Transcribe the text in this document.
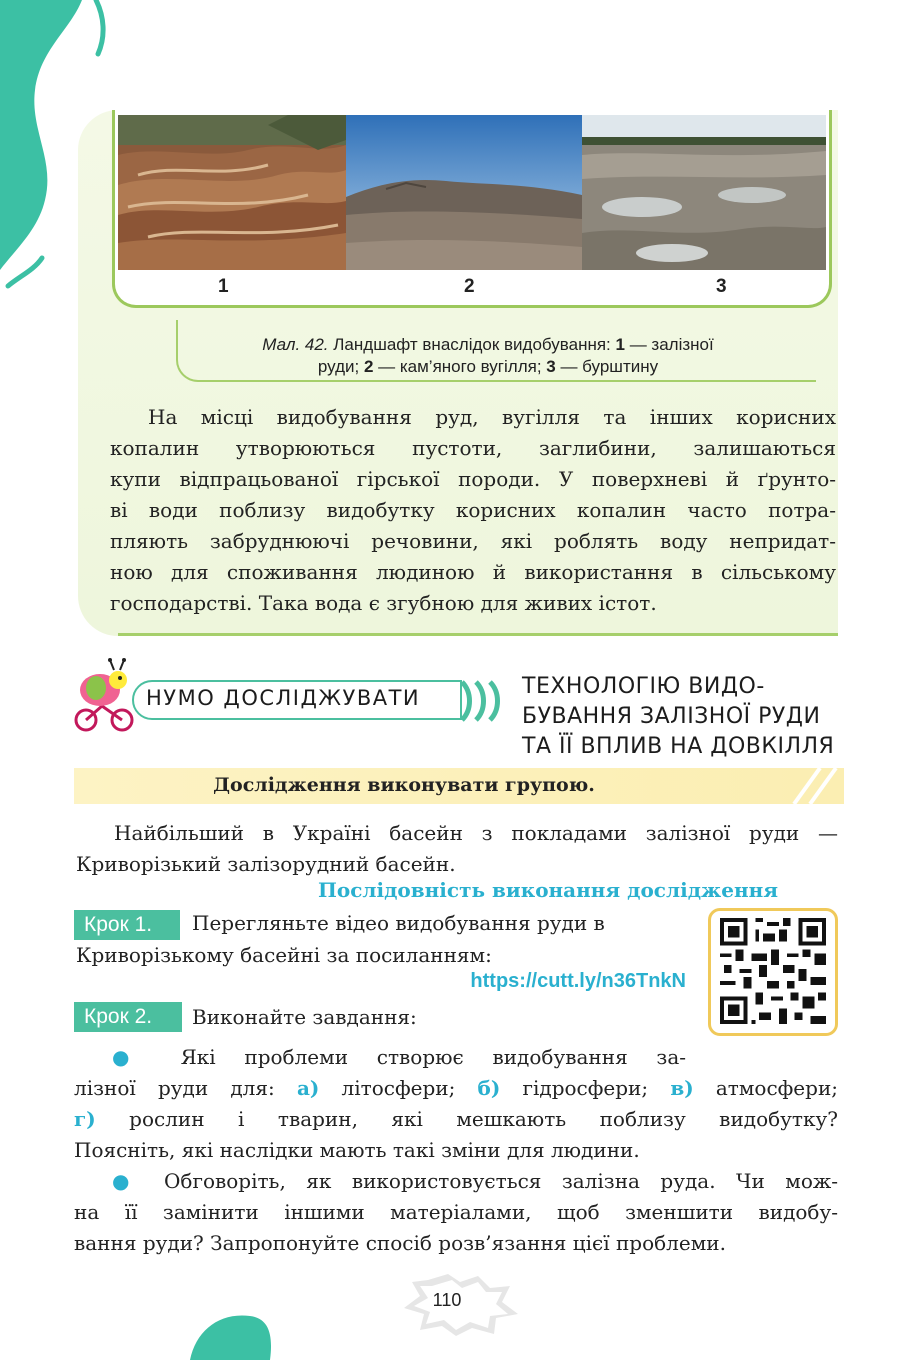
1	2	3
Мал. 42. Ландшафт внаслідок видобування: 1 — залізної
руди; 2 — кам’яного вугілля; 3 — бурштину
На місці видобування руд, вугілля та інших корисних
копалин утворюються пустоти, заглибини, залишаються
купи відпрацьованої гірської породи. У поверхневі й ґрунто-
ві води поблизу видобутку корисних копалин часто потра-
пляють забруднюючі речовини, які роблять воду непридат-
ною для споживання людиною й використання в сільському
господарстві. Така вода є згубною для живих істот.
НУМО ДОСЛІДЖУВАТИ	ТЕХНОЛОГІЮ ВИДО-
БУВАННЯ ЗАЛІЗНОЇ РУДИ
ТА ЇЇ ВПЛИВ НА ДОВКІЛЛЯ
Дослідження виконувати групою.
Найбільший в Україні басейн з покладами залізної руди —
Криворізький залізорудний басейн.
Послідовність виконання дослідження
Крок 1.	Перегляньте відео видобування руди в
Криворізькому басейні за посиланням:
https://cutt.ly/n36TnkN
Крок 2.	Виконайте завдання:
● Які проблеми створює видобування за-
лізної руди для: а) літосфери; б) гідросфери; в) атмосфери;
г) рослин і тварин, які мешкають поблизу видобутку?
Поясніть, які наслідки мають такі зміни для людини.
● Обговоріть, як використовується залізна руда. Чи мож-
на її замінити іншими матеріалами, щоб зменшити видобу-
вання руди? Запропонуйте спосіб розв’язання цієї проблеми.
110
